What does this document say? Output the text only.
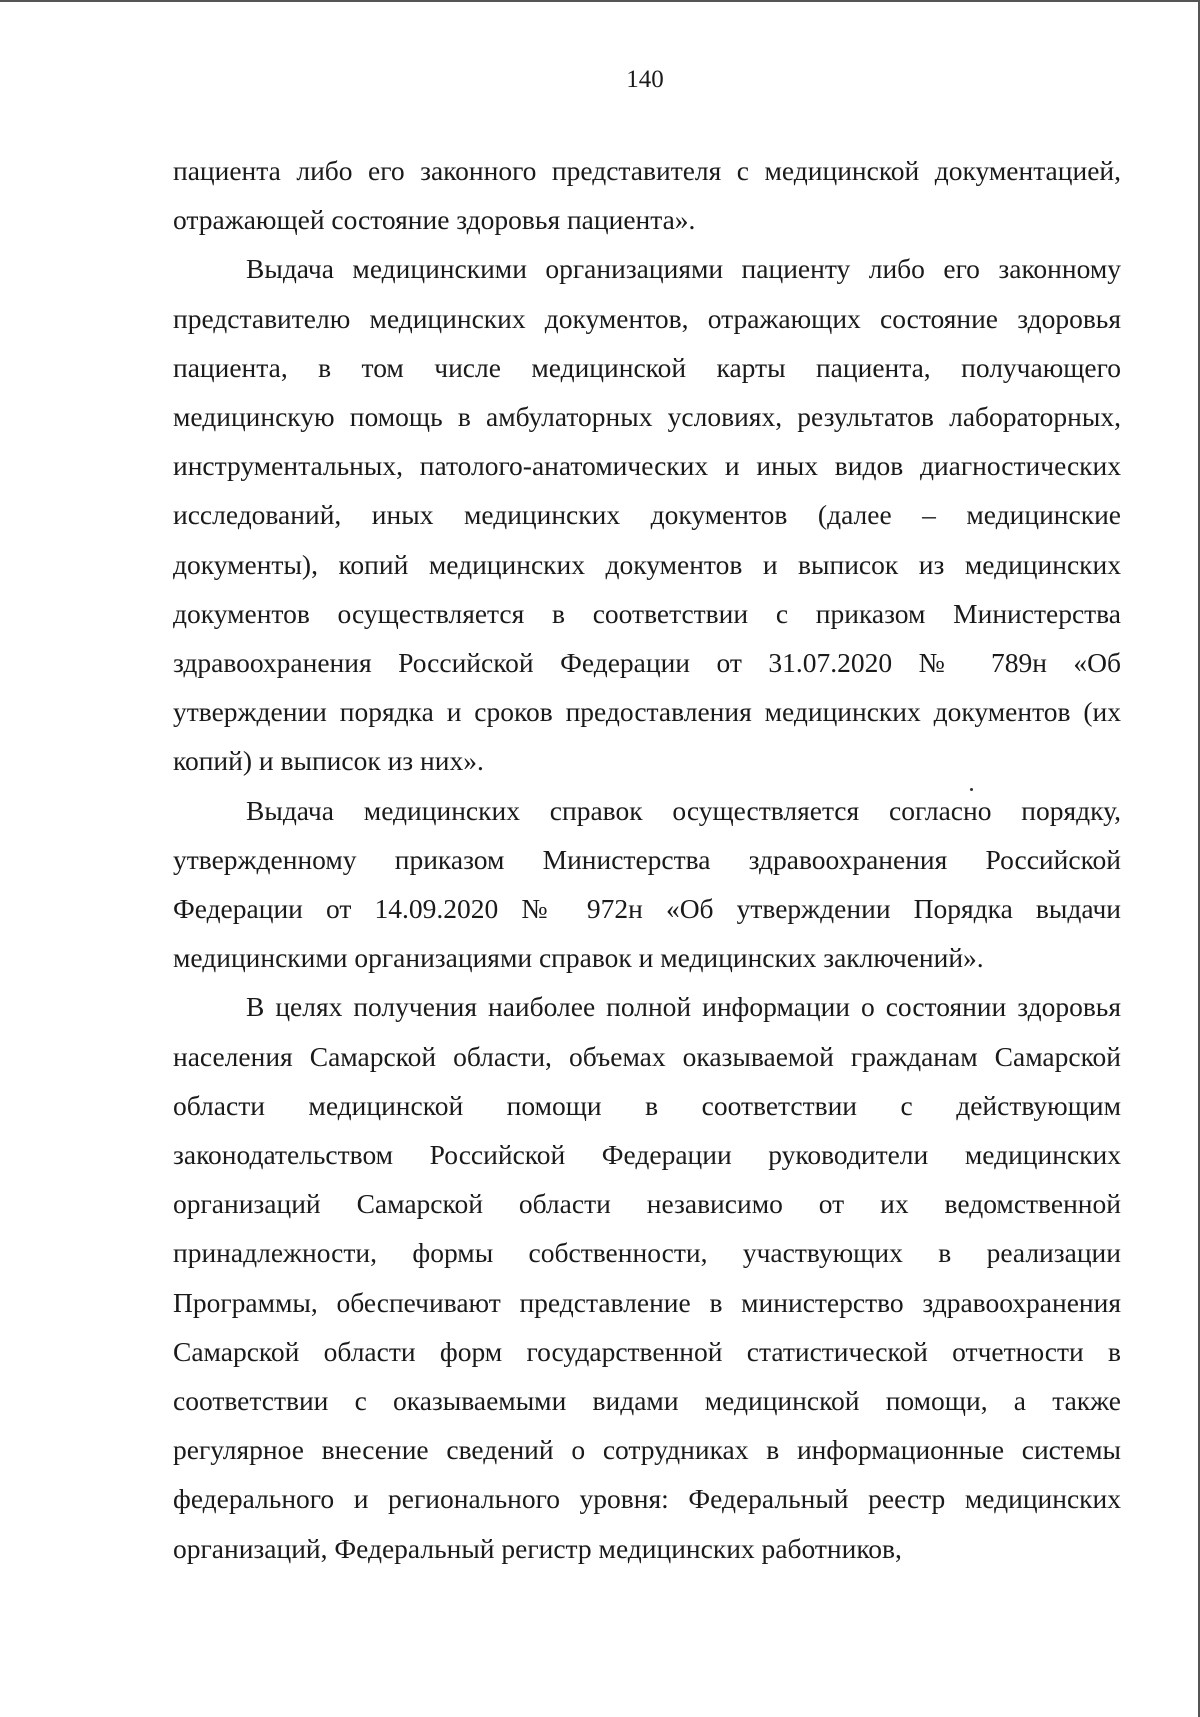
140

пациента либо его законного представителя с медицинской документацией, отражающей состояние здоровья пациента».

Выдача медицинскими организациями пациенту либо его законному представителю медицинских документов, отражающих состояние здоровья пациента, в том числе медицинской карты пациента, получающего медицинскую помощь в амбулаторных условиях, результатов лабораторных, инструментальных, патолого-анатомических и иных видов диагностических исследований, иных медицинских документов (далее – медицинские документы), копий медицинских документов и выписок из медицинских документов осуществляется в соответствии с приказом Министерства здравоохранения Российской Федерации от 31.07.2020 № 789н «Об утверждении порядка и сроков предоставления медицинских документов (их копий) и выписок из них».

Выдача медицинских справок осуществляется согласно порядку, утвержденному приказом Министерства здравоохранения Российской Федерации от 14.09.2020 № 972н «Об утверждении Порядка выдачи медицинскими организациями справок и медицинских заключений».

В целях получения наиболее полной информации о состоянии здоровья населения Самарской области, объемах оказываемой гражданам Самарской области медицинской помощи в соответствии с действующим законодательством Российской Федерации руководители медицинских организаций Самарской области независимо от их ведомственной принадлежности, формы собственности, участвующих в реализации Программы, обеспечивают представление в министерство здравоохранения Самарской области форм государственной статистической отчетности в соответствии с оказываемыми видами медицинской помощи, а также регулярное внесение сведений о сотрудниках в информационные системы федерального и регионального уровня: Федеральный реестр медицинских организаций, Федеральный регистр медицинских работников,
